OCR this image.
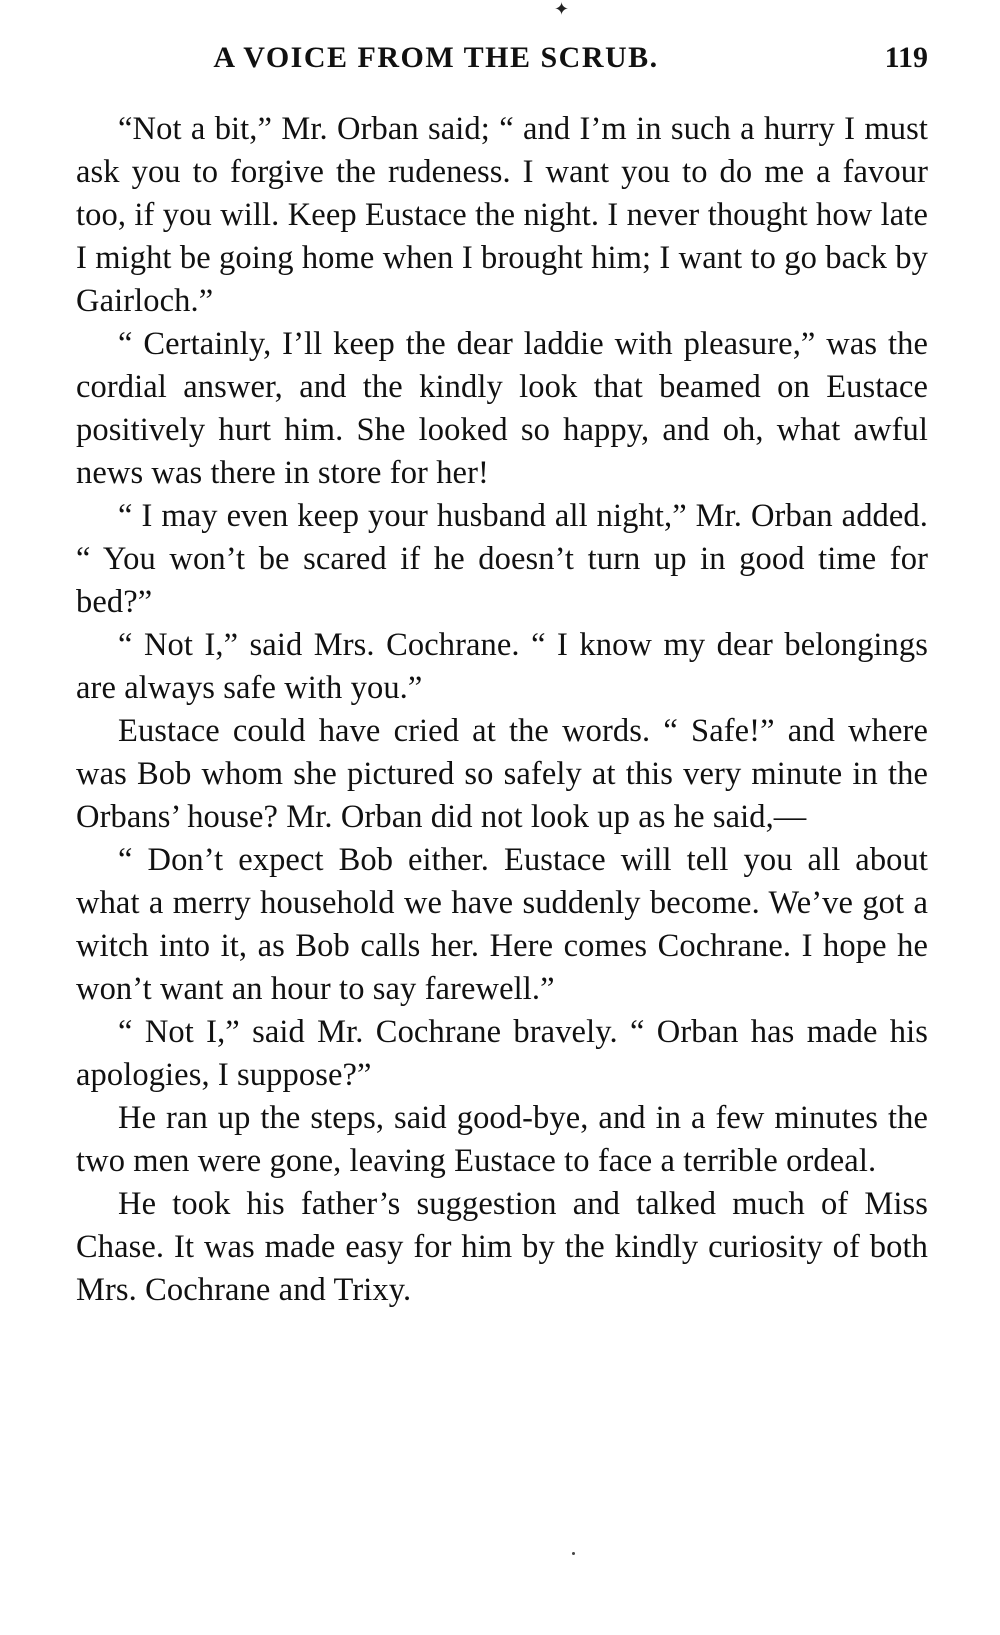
✦
A VOICE FROM THE SCRUB.	119

“Not a bit,” Mr. Orban said; “ and I’m in such a hurry I must ask you to forgive the rudeness. I want you to do me a favour too, if you will. Keep Eustace the night. I never thought how late I might be going home when I brought him; I want to go back by Gairloch.”

“ Certainly, I’ll keep the dear laddie with pleasure,” was the cordial answer, and the kindly look that beamed on Eustace positively hurt him. She looked so happy, and oh, what awful news was there in store for her!

“ I may even keep your husband all night,” Mr. Orban added. “ You won’t be scared if he doesn’t turn up in good time for bed?”

“ Not I,” said Mrs. Cochrane. “ I know my dear belongings are always safe with you.”

Eustace could have cried at the words. “ Safe!” and where was Bob whom she pictured so safely at this very minute in the Orbans’ house? Mr. Orban did not look up as he said,—

“ Don’t expect Bob either. Eustace will tell you all about what a merry household we have suddenly become. We’ve got a witch into it, as Bob calls her. Here comes Cochrane. I hope he won’t want an hour to say farewell.”

“ Not I,” said Mr. Cochrane bravely. “ Orban has made his apologies, I suppose?”

He ran up the steps, said good-bye, and in a few minutes the two men were gone, leaving Eustace to face a terrible ordeal.

He took his father’s suggestion and talked much of Miss Chase. It was made easy for him by the kindly curiosity of both Mrs. Cochrane and Trixy.
